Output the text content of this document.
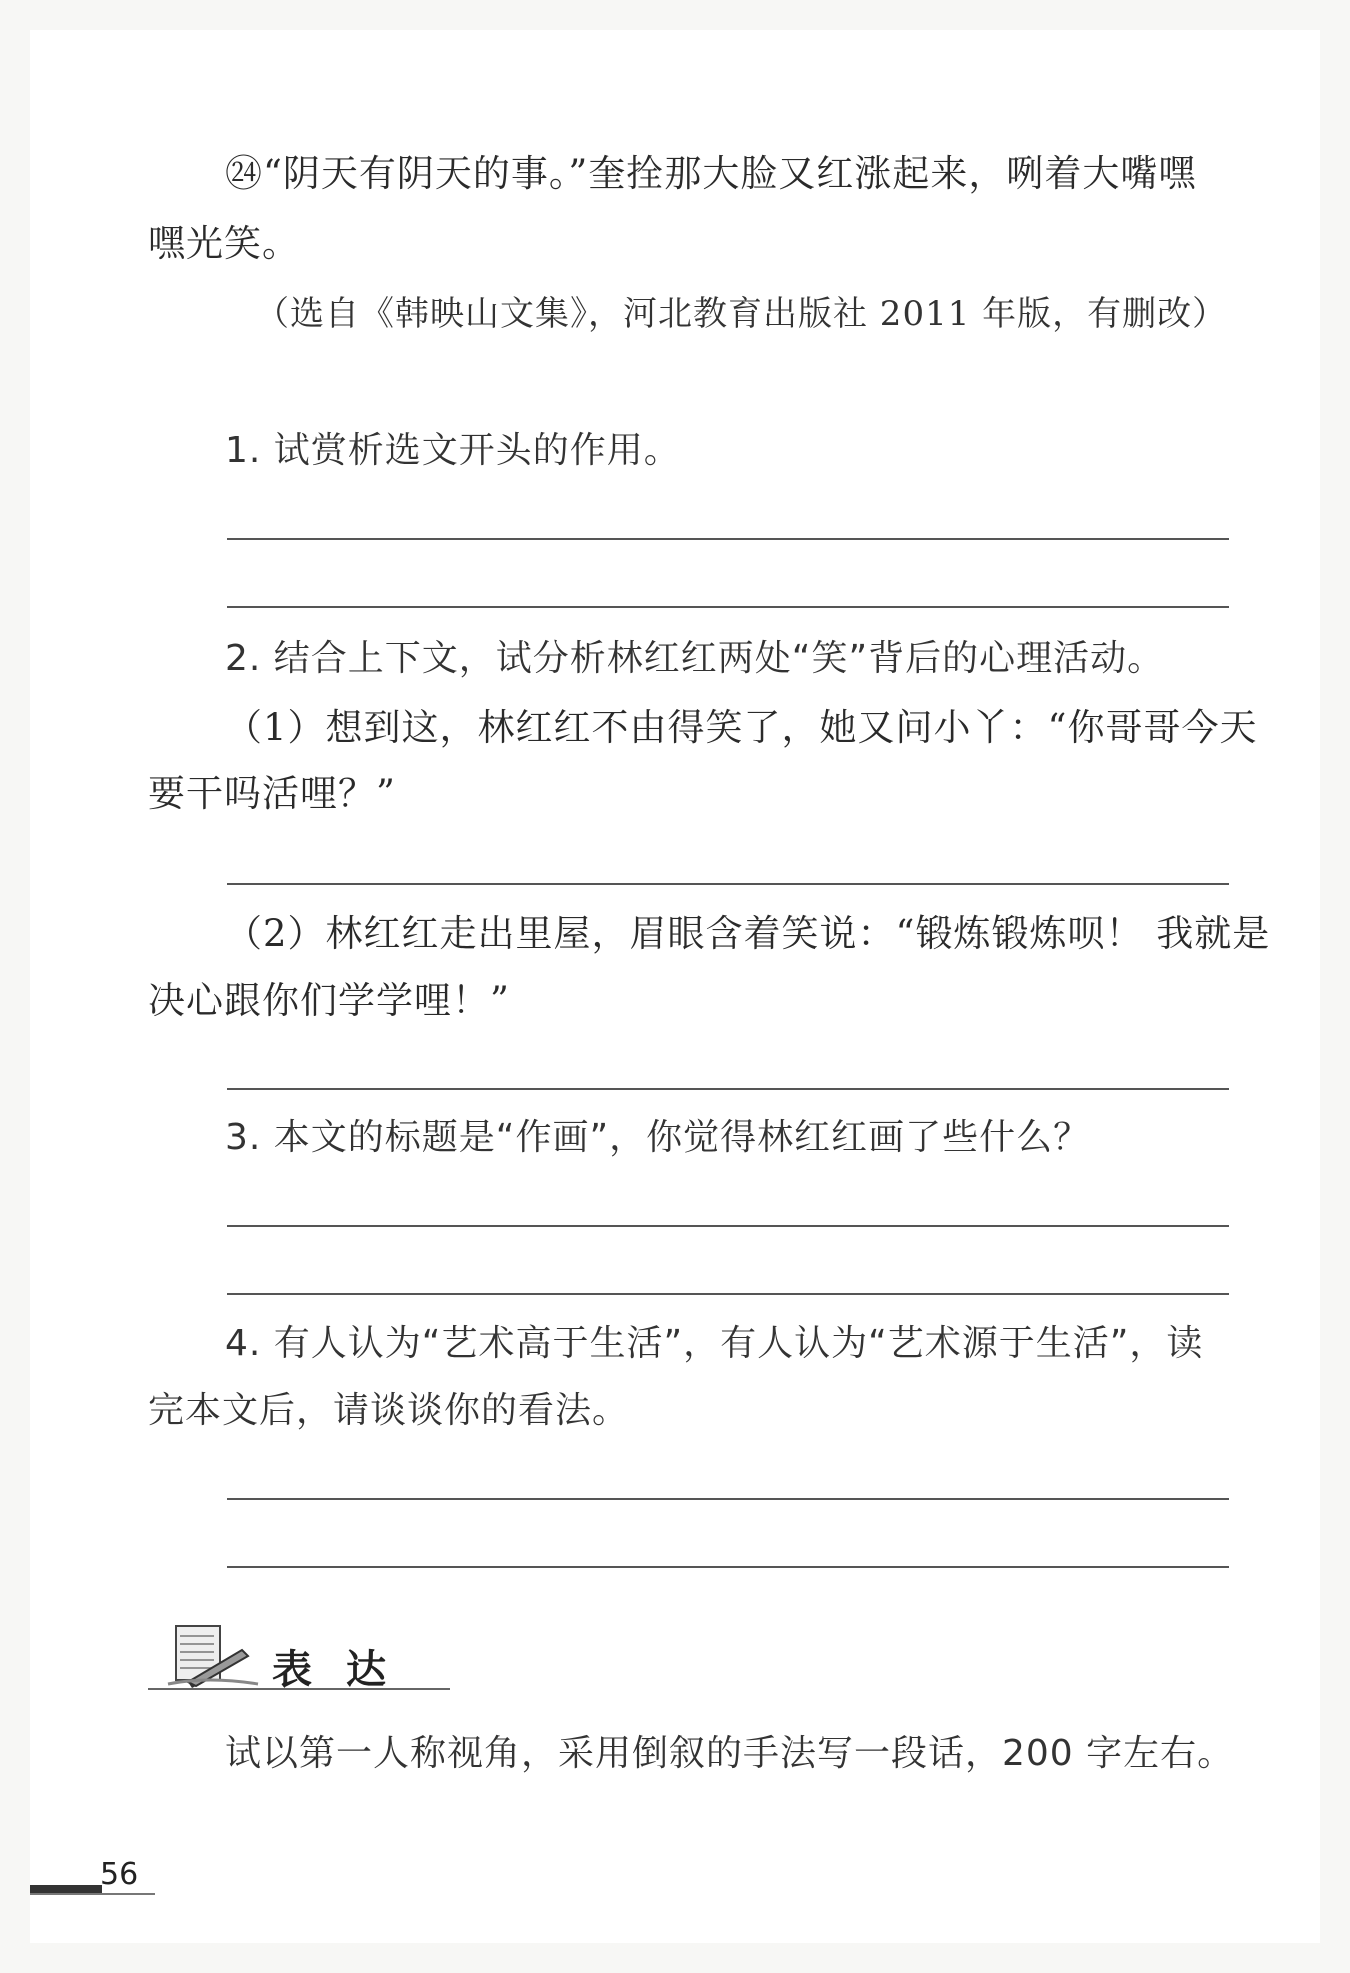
㉔“阴天有阴天的事。”奎拴那大脸又红涨起来，咧着大嘴嘿
嘿光笑。
（选自《韩映山文集》，河北教育出版社 2011 年版，有删改）
1. 试赏析选文开头的作用。
2. 结合上下文，试分析林红红两处“笑”背后的心理活动。
（1）想到这，林红红不由得笑了，她又问小丫：“你哥哥今天
要干吗活哩？”
（2）林红红走出里屋，眉眼含着笑说：“锻炼锻炼呗！ 我就是
决心跟你们学学哩！”
3. 本文的标题是“作画”，你觉得林红红画了些什么？
4. 有人认为“艺术高于生活”，有人认为“艺术源于生活”，读
完本文后，请谈谈你的看法。
表达
试以第一人称视角，采用倒叙的手法写一段话，200 字左右。
56
